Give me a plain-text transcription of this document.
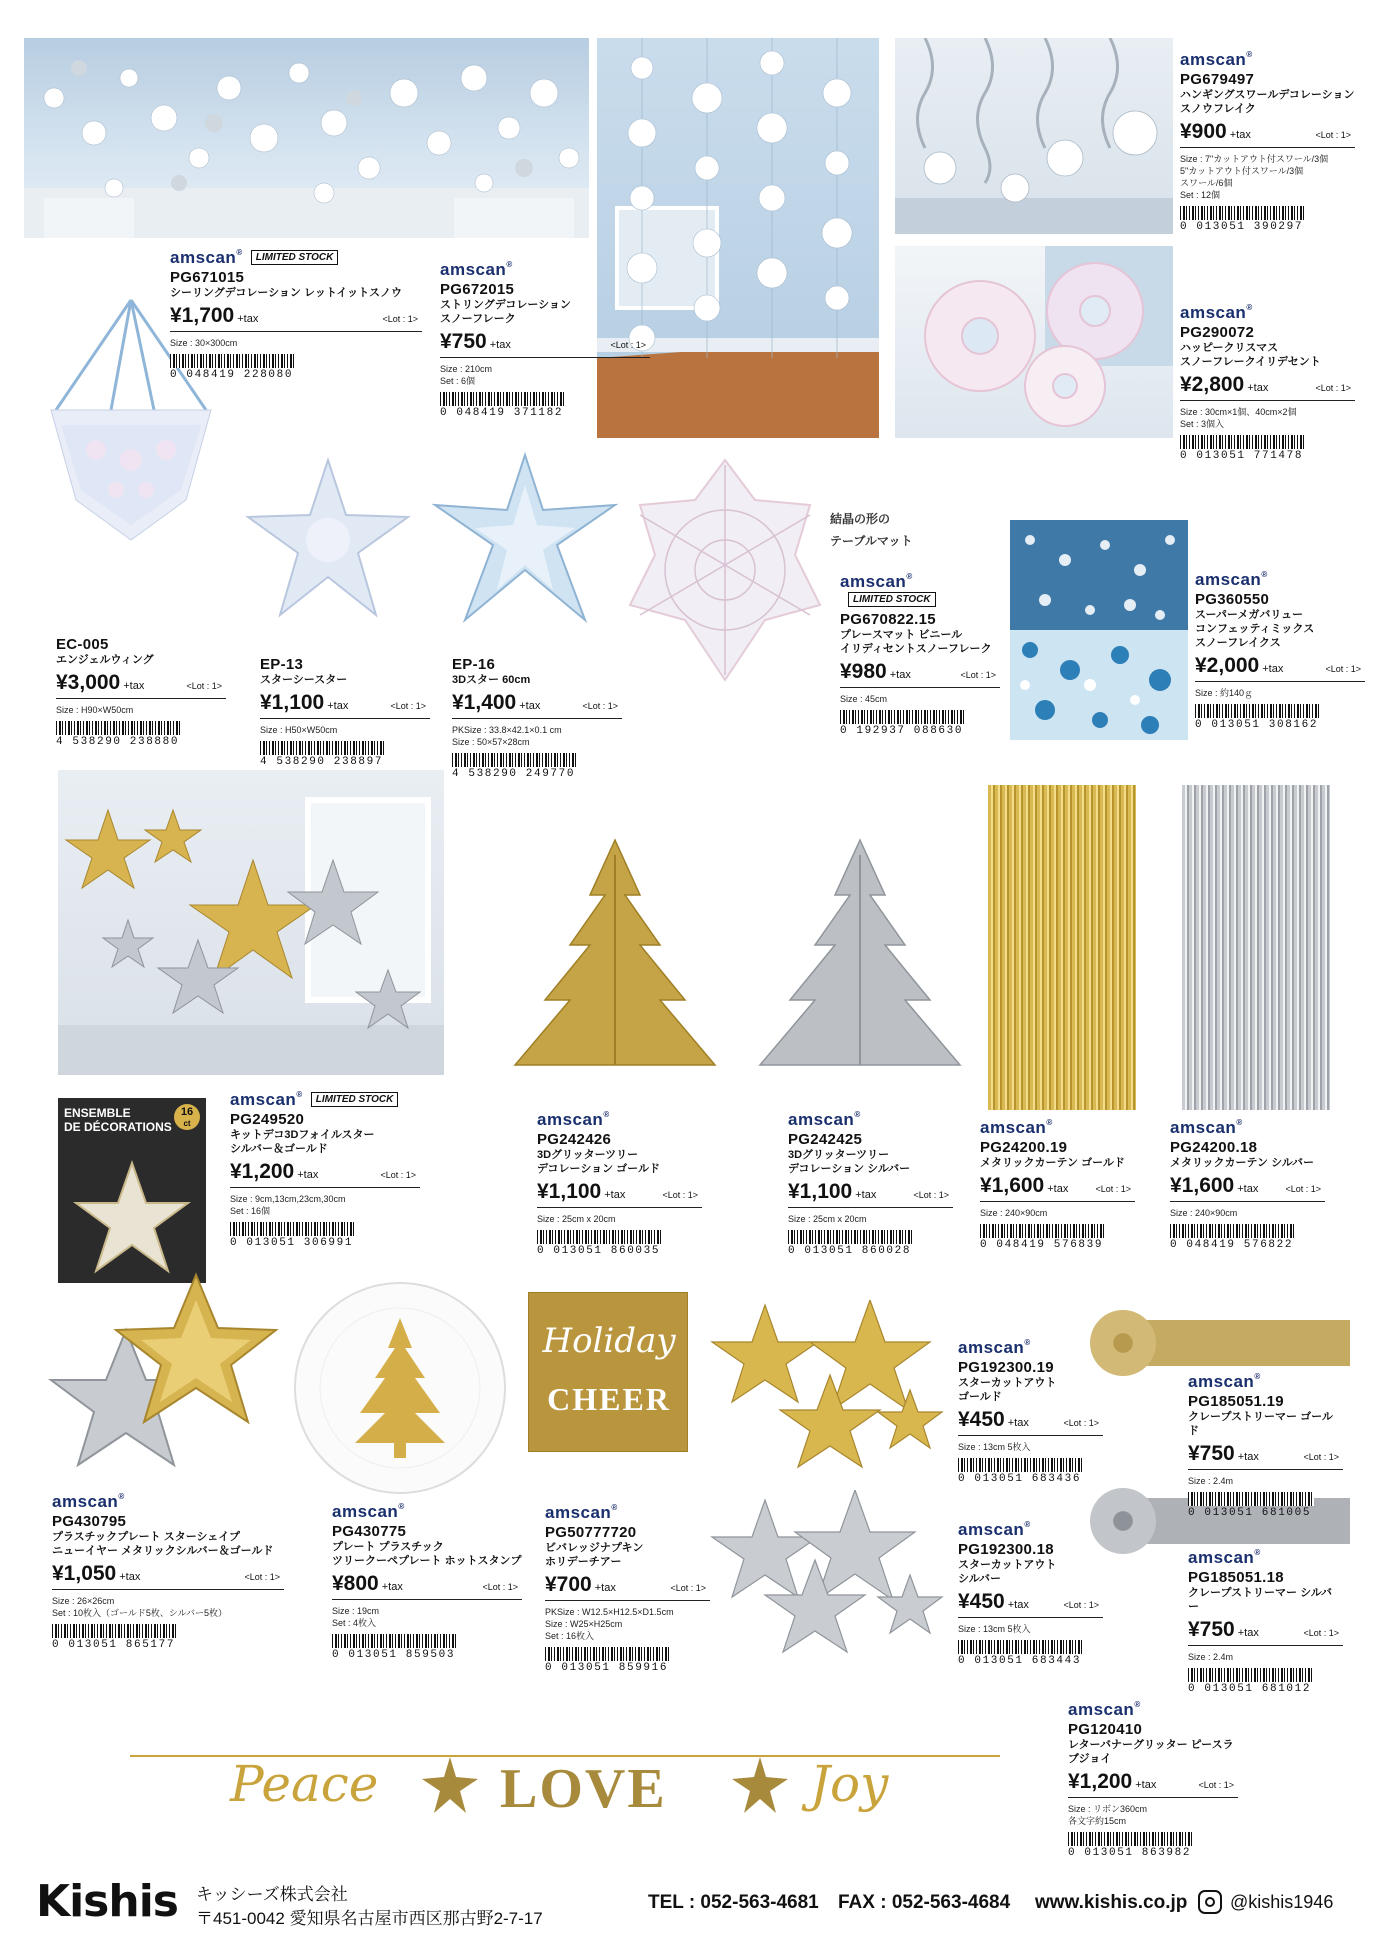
ENSEMBLE
DE DÉCORATIONS
16
ct
Holiday
CHEER
Peace LOVE	Joy
結晶の形の
テーブルマット
amscan ® LIMITED STOCK
PG671015
シーリングデコレーション レットイットスノウ
¥1,700 +tax	<Lot : 1>
Size : 30×300cm
0 048419 228080
amscan ®
PG672015
ストリングデコレーション
スノーフレーク
¥750 +tax	<Lot : 1>
Size : 210cm
Set : 6個
0 048419 371182
amscan ®
PG679497
ハンギングスワールデコレーション
スノウフレイク
¥900 +tax	<Lot : 1>
Size : 7"カットアウト付スワール/3個
5"カットアウト付スワール/3個
スワール/6個
Set : 12個
0 013051 390297
amscan ®
PG290072
ハッピークリスマス
スノーフレークイリデセント
¥2,800 +tax	<Lot : 1>
Size : 30cm×1個、40cm×2個
Set : 3個入
0 013051 771478
EC-005
エンジェルウィング
¥3,000 +tax	<Lot : 1>
Size : H90×W50cm
4 538290 238880
EP-13
スターシースター
¥1,100 +tax	<Lot : 1>
Size : H50×W50cm
4 538290 238897
EP-16
3Dスター 60cm
¥1,400 +tax	<Lot : 1>
PKSize : 33.8×42.1×0.1 cm
Size : 50×57×28cm
4 538290 249770
amscan ®LIMITED STOCK
PG670822.15
プレースマット ビニール
イリディセントスノーフレーク
¥980 +tax	<Lot : 1>
Size : 45cm
0 192937 088630
amscan ®
PG360550
スーパーメガバリュー
コンフェッティミックス
スノーフレイクス
¥2,000 +tax	<Lot : 1>
Size : 約140ｇ
0 013051 308162
amscan ® LIMITED STOCK
PG249520
キットデコ3Dフォイルスター
シルバー＆ゴールド
¥1,200 +tax	<Lot : 1>
Size : 9cm,13cm,23cm,30cm
Set : 16個
0 013051 306991
amscan ®
PG242426
3Dグリッターツリー
デコレーション ゴールド
¥1,100 +tax	<Lot : 1>
Size : 25cm x 20cm
0 013051 860035
amscan ®
PG242425
3Dグリッターツリー
デコレーション シルバー
¥1,100 +tax	<Lot : 1>
Size : 25cm x 20cm
0 013051 860028
amscan ®
PG24200.19
メタリックカーテン ゴールド
¥1,600 +tax	<Lot : 1>
Size : 240×90cm
0 048419 576839
amscan ®
PG24200.18
メタリックカーテン シルバー
¥1,600 +tax	<Lot : 1>
Size : 240×90cm
0 048419 576822
amscan ®
PG430795
プラスチックプレート スターシェイプ
ニューイヤー メタリックシルバー＆ゴールド
¥1,050 +tax	<Lot : 1>
Size : 26×26cm
Set : 10枚入（ゴールド5枚、シルバー5枚）
0 013051 865177
amscan ®
PG430775
プレート プラスチック
ツリークーペプレート ホットスタンプ
¥800 +tax	<Lot : 1>
Size : 19cm
Set : 4枚入
0 013051 859503
amscan ®
PG50777720
ビバレッジナプキン
ホリデーチアー
¥700 +tax	<Lot : 1>
PKSize : W12.5×H12.5×D1.5cm
Size : W25×H25cm
Set : 16枚入
0 013051 859916
amscan ®
PG192300.19
スターカットアウト
ゴールド
¥450 +tax	<Lot : 1>
Size : 13cm 5枚入
0 013051 683436
amscan ®
PG185051.19
クレープストリーマー ゴールド
¥750 +tax	<Lot : 1>
Size : 2.4m
0 013051 681005
amscan ®
PG192300.18
スターカットアウト
シルバー
¥450 +tax	<Lot : 1>
Size : 13cm 5枚入
0 013051 683443
amscan ®
PG185051.18
クレープストリーマー シルバー
¥750 +tax	<Lot : 1>
Size : 2.4m
0 013051 681012
amscan ®
PG120410
レターバナーグリッター ピースラブジョイ
¥1,200 +tax	<Lot : 1>
Size : リボン360cm
各文字約15cm
0 013051 863982
Kishis キッシーズ株式会社
〒451-0042 愛知県名古屋市西区那古野2-7-17
TEL : 052-563-4681 FAX : 052-563-4684 www.kishis.co.jp @kishis1946
